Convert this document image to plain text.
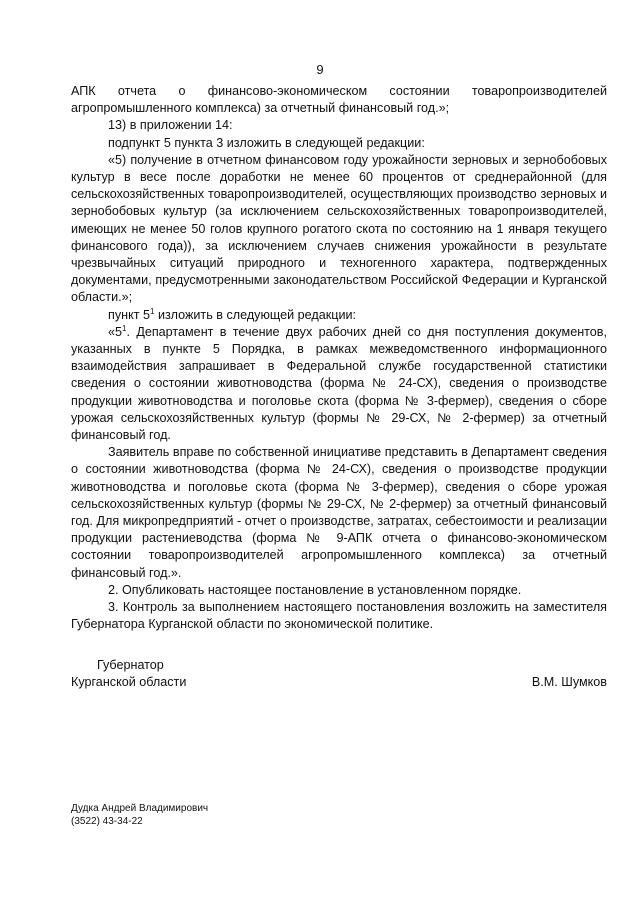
9

АПК отчета о финансово-экономическом состоянии товаропроизводителей агропромышленного комплекса) за отчетный финансовый год.»;

13) в приложении 14:

подпункт 5 пункта 3 изложить в следующей редакции:

«5) получение в отчетном финансовом году урожайности зерновых и зернобобовых культур в весе после доработки не менее 60 процентов от среднерайонной (для сельскохозяйственных товаропроизводителей, осуществляющих производство зерновых и зернобобовых культур (за исключением сельскохозяйственных товаропроизводителей, имеющих не менее 50 голов крупного рогатого скота по состоянию на 1 января текущего финансового года)), за исключением случаев снижения урожайности в результате чрезвычайных ситуаций природного и техногенного характера, подтвержденных документами, предусмотренными законодательством Российской Федерации и Курганской области.»;

пункт $5^1$ изложить в следующей редакции:

«$5^1$. Департамент в течение двух рабочих дней со дня поступления документов, указанных в пункте 5 Порядка, в рамках межведомственного информационного взаимодействия запрашивает в Федеральной службе государственной статистики сведения о состоянии животноводства (форма № 24-СХ), сведения о производстве продукции животноводства и поголовье скота (форма № 3-фермер), сведения о сборе урожая сельскохозяйственных культур (формы № 29-СХ, № 2-фермер) за отчетный финансовый год.

Заявитель вправе по собственной инициативе представить в Департамент сведения о состоянии животноводства (форма № 24-СХ), сведения о производстве продукции животноводства и поголовье скота (форма № 3-фермер), сведения о сборе урожая сельскохозяйственных культур (формы № 29-СХ, № 2-фермер) за отчетный финансовый год. Для микропредприятий - отчет о производстве, затратах, себестоимости и реализации продукции растениеводства (форма № 9-АПК отчета о финансово-экономическом состоянии товаропроизводителей агропромышленного комплекса) за отчетный финансовый год.».

2. Опубликовать настоящее постановление в установленном порядке.

3. Контроль за выполнением настоящего постановления возложить на заместителя Губернатора Курганской области по экономической политике.

Губернатор
Курганской области	В.М. Шумков
Дудка Андрей Владимирович
(3522) 43-34-22
